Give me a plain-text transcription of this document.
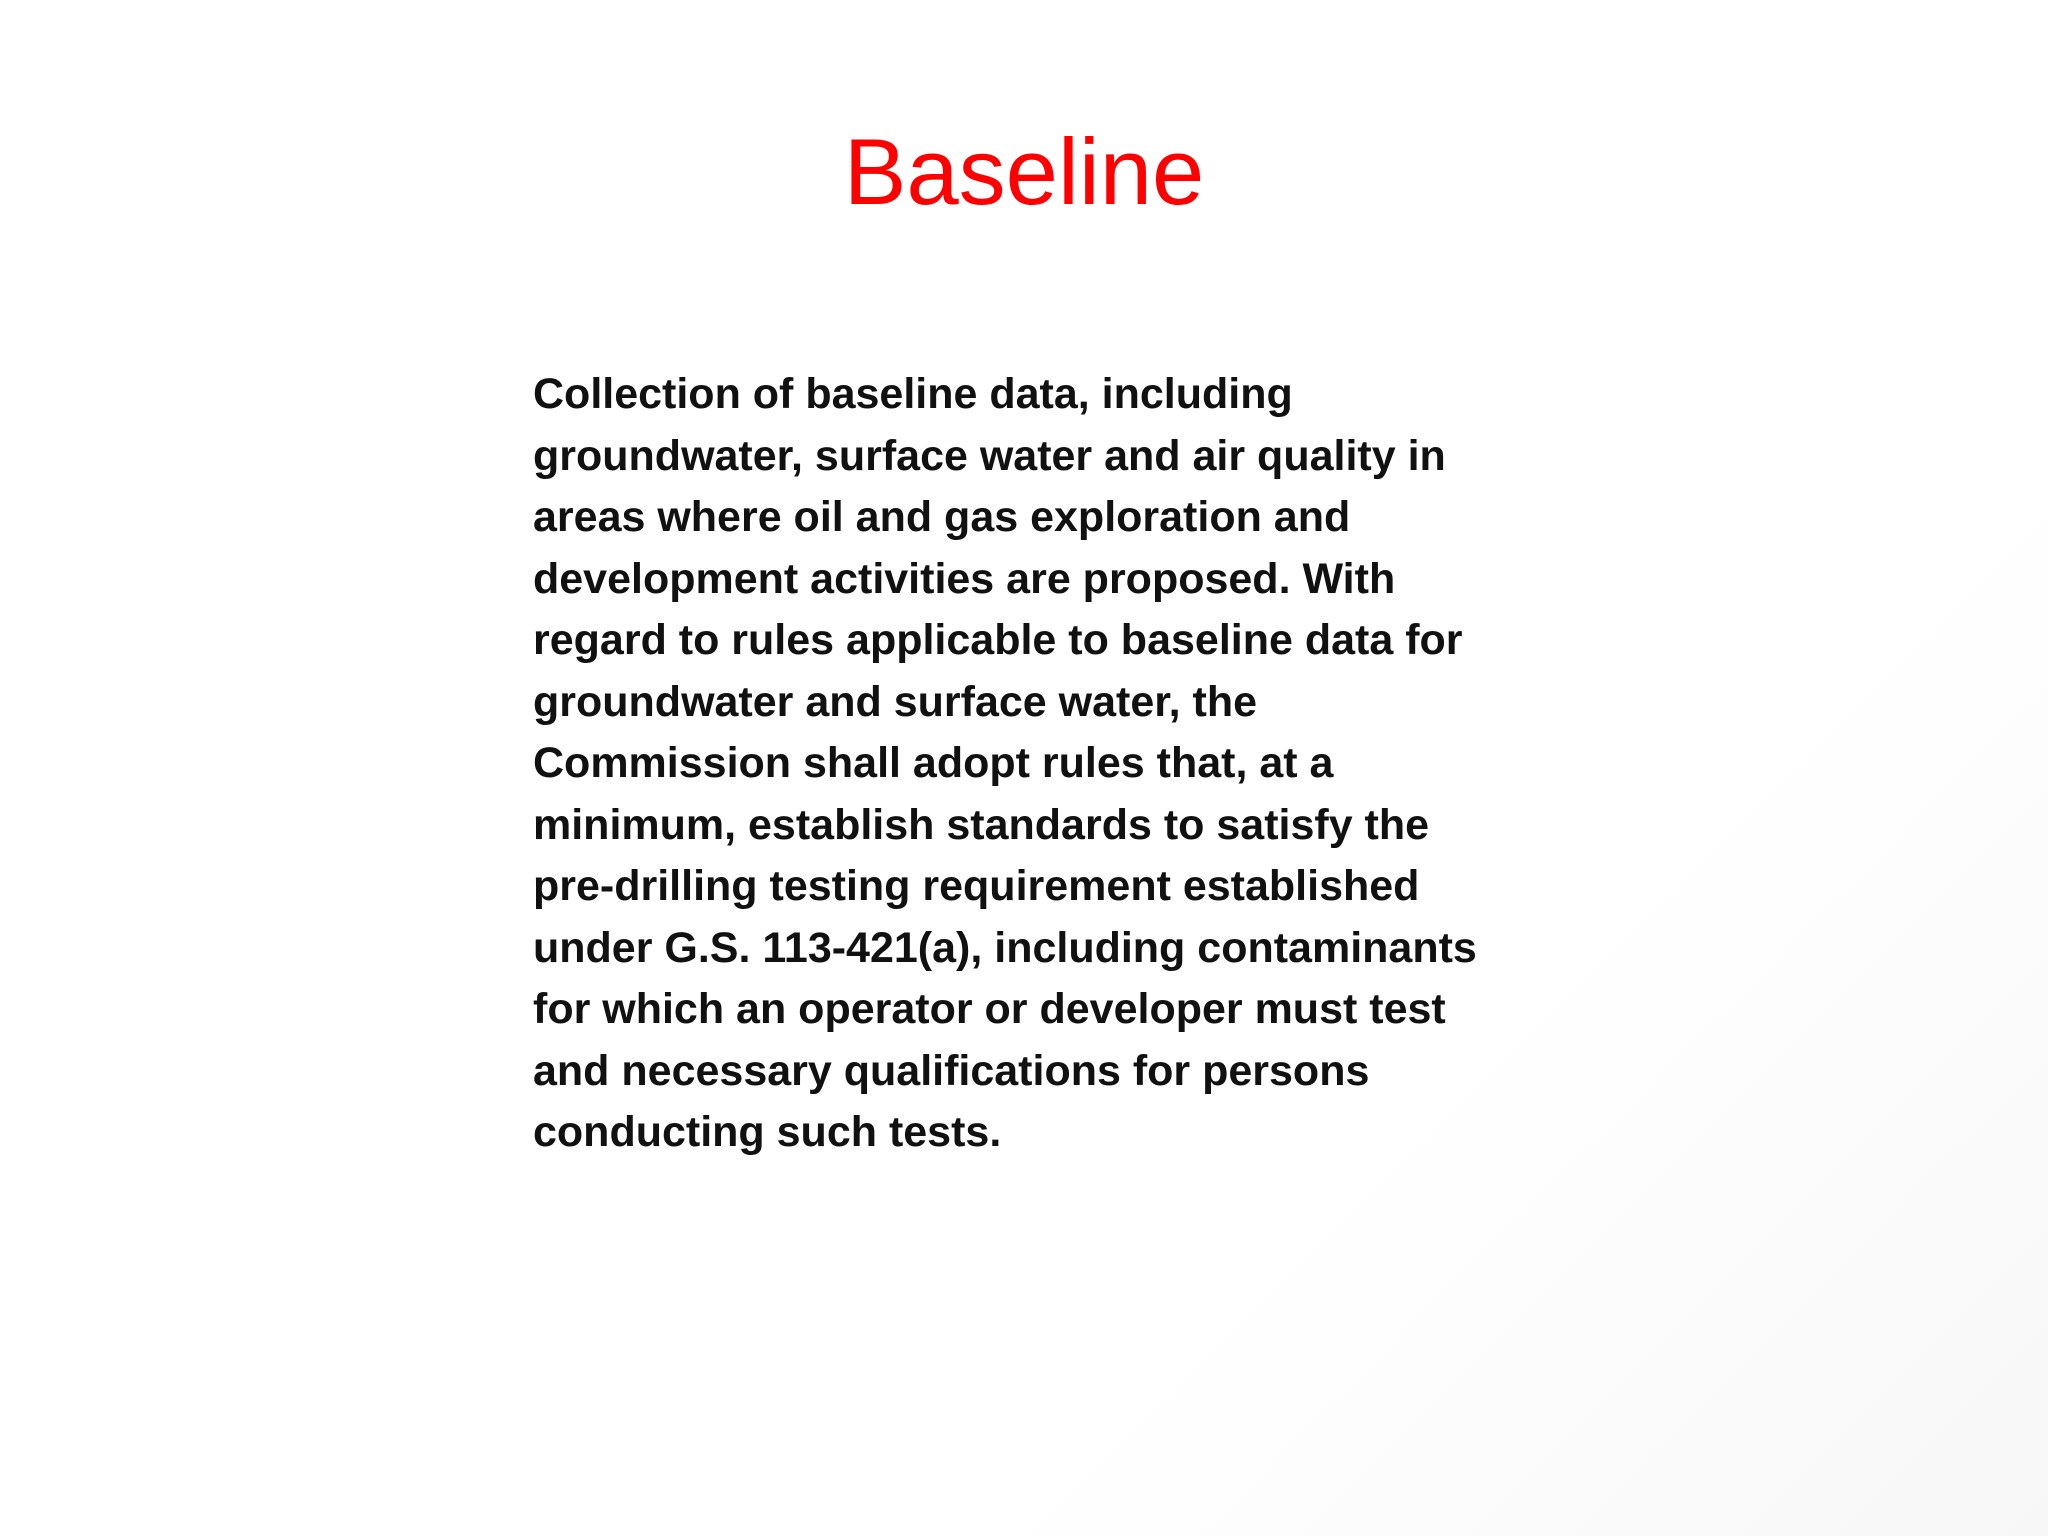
Baseline

Collection of baseline data, including
groundwater, surface water and air quality in
areas where oil and gas exploration and
development activities are proposed. With
regard to rules applicable to baseline data for
groundwater and surface water, the
Commission shall adopt rules that, at a
minimum, establish standards to satisfy the
pre-drilling testing requirement established
under G.S. 113-421(a), including contaminants
for which an operator or developer must test
and necessary qualifications for persons
conducting such tests.
